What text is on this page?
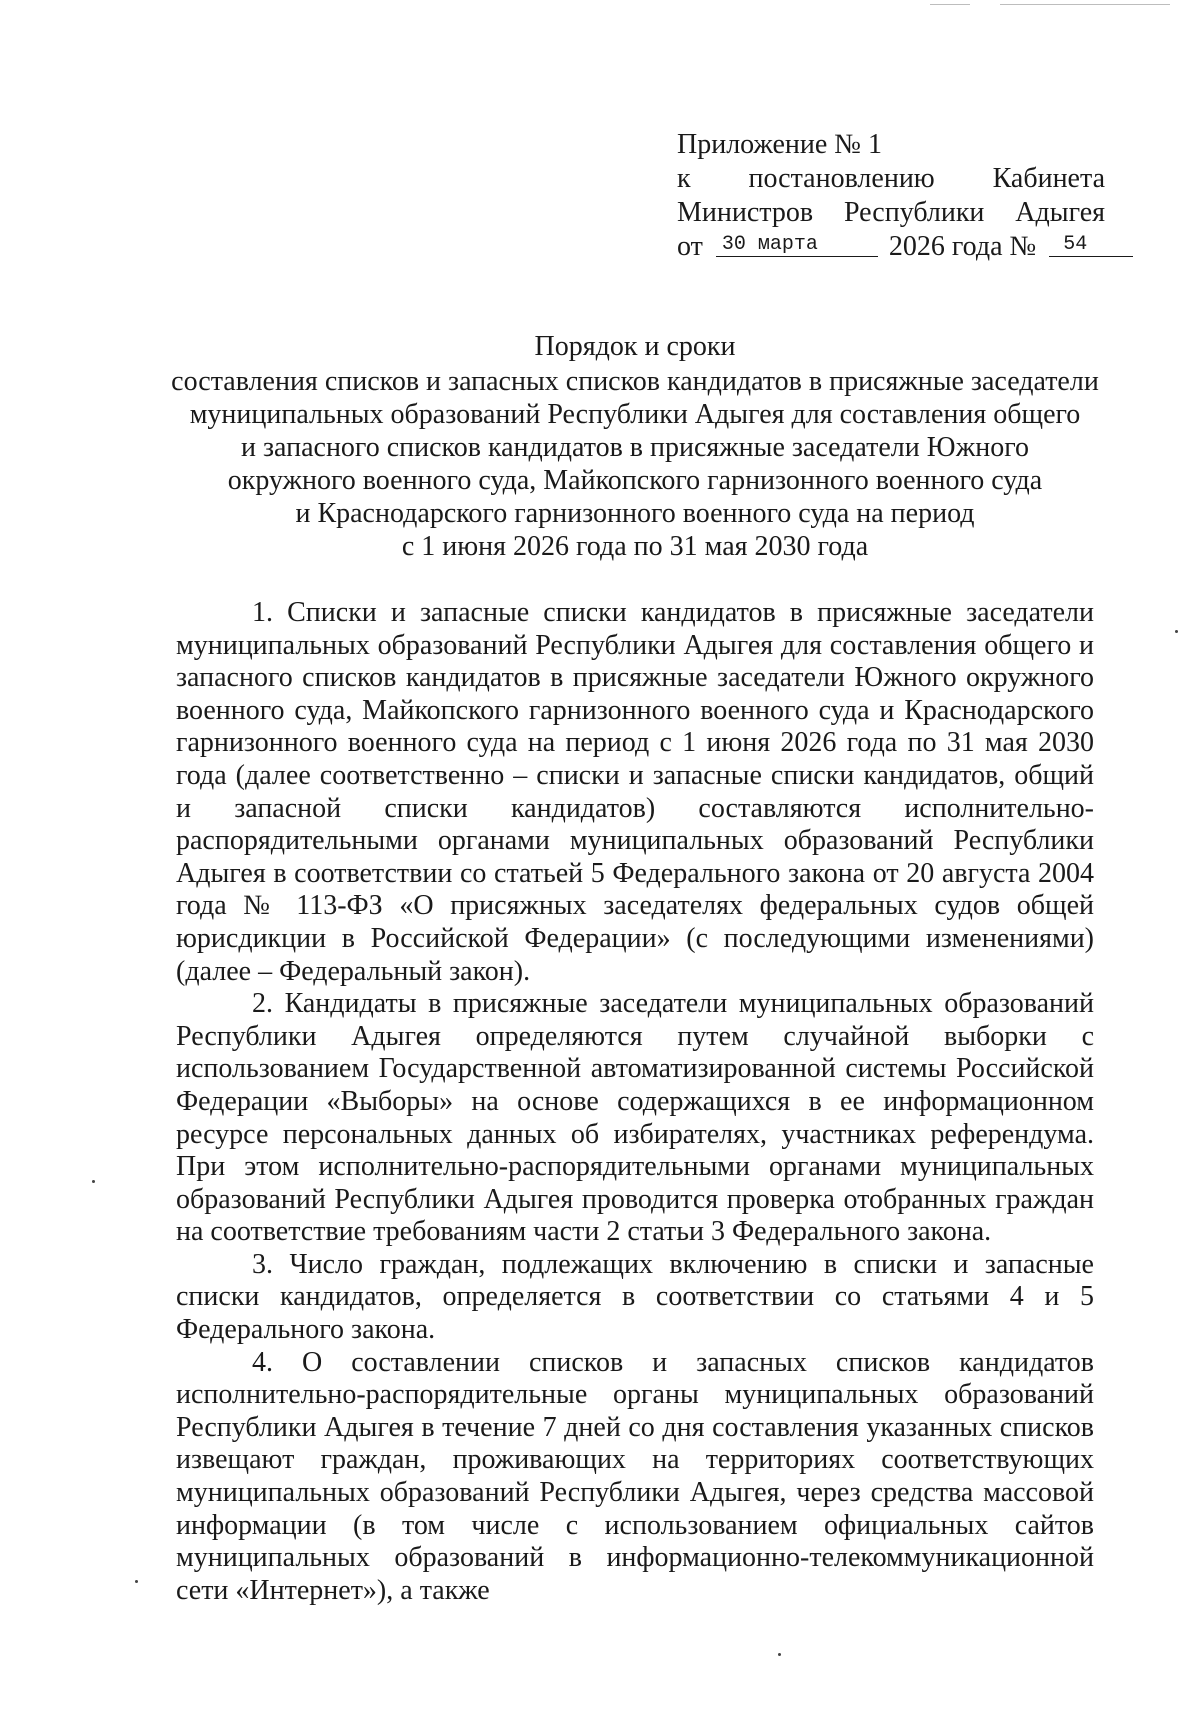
Приложение № 1
к постановлению Кабинета
Министров Республики Адыгея
от 30 марта	2026 года № 54
Порядок и сроки
составления списков и запасных списков кандидатов в присяжные заседатели
муниципальных образований Республики Адыгея для составления общего
и запасного списков кандидатов в присяжные заседатели Южного
окружного военного суда, Майкопского гарнизонного военного суда
и Краснодарского гарнизонного военного суда на период
с 1 июня 2026 года по 31 мая 2030 года

1. Списки и запасные списки кандидатов в присяжные заседатели муниципальных образований Республики Адыгея для составления общего и запасного списков кандидатов в присяжные заседатели Южного окружного военного суда, Майкопского гарнизонного военного суда и Краснодарского гарнизонного военного суда на период с 1 июня 2026 года по 31 мая 2030 года (далее соответственно – списки и запасные списки кандидатов, общий и запасной списки кандидатов) составляются исполнительно-распорядительными органами муниципальных образований Республики Адыгея в соответствии со статьей 5 Федерального закона от 20 августа 2004 года № 113-ФЗ «О присяжных заседателях федеральных судов общей юрисдикции в Российской Федерации» (с последующими изменениями) (далее – Федеральный закон).

2. Кандидаты в присяжные заседатели муниципальных образований Республики Адыгея определяются путем случайной выборки с использованием Государственной автоматизированной системы Российской Федерации «Выборы» на основе содержащихся в ее информационном ресурсе персональных данных об избирателях, участниках референдума. При этом исполнительно-распорядительными органами муниципальных образований Республики Адыгея проводится проверка отобранных граждан на соответствие требованиям части 2 статьи 3 Федерального закона.

3. Число граждан, подлежащих включению в списки и запасные списки кандидатов, определяется в соответствии со статьями 4 и 5 Федерального закона.

4. О составлении списков и запасных списков кандидатов исполнительно-распорядительные органы муниципальных образований Республики Адыгея в течение 7 дней со дня составления указанных списков извещают граждан, проживающих на территориях соответствующих муниципальных образований Республики Адыгея, через средства массовой информации (в том числе с использованием официальных сайтов муниципальных образований в информационно-телекоммуникационной сети «Интернет»), а также
